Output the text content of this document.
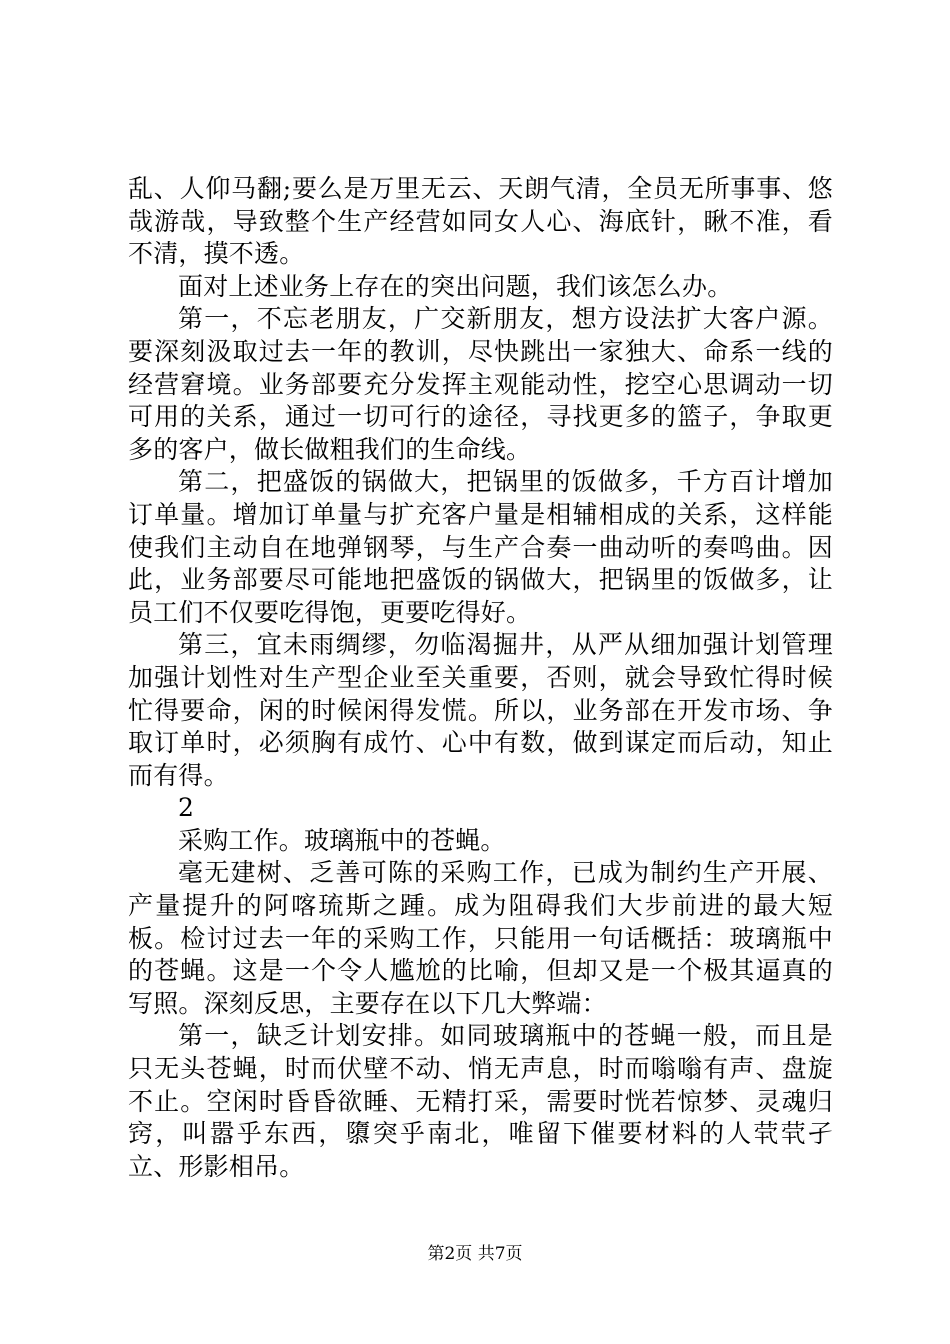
乱、人仰马翻;要么是万里无云、天朗气清，全员无所事事、悠哉游哉，导致整个生产经营如同女人心、海底针，瞅不准，看不清，摸不透。

面对上述业务上存在的突出问题，我们该怎么办。

第一，不忘老朋友，广交新朋友，想方设法扩大客户源。要深刻汲取过去一年的教训，尽快跳出一家独大、命系一线的经营窘境。业务部要充分发挥主观能动性，挖空心思调动一切可用的关系，通过一切可行的途径，寻找更多的篮子，争取更多的客户，做长做粗我们的生命线。

第二，把盛饭的锅做大，把锅里的饭做多，千方百计增加订单量。增加订单量与扩充客户量是相辅相成的关系，这样能使我们主动自在地弹钢琴，与生产合奏一曲动听的奏鸣曲。因此，业务部要尽可能地把盛饭的锅做大，把锅里的饭做多，让员工们不仅要吃得饱，更要吃得好。

第三，宜未雨绸缪，勿临渴掘井，从严从细加强计划管理加强计划性对生产型企业至关重要，否则，就会导致忙得时候忙得要命，闲的时候闲得发慌。所以，业务部在开发市场、争取订单时，必须胸有成竹、心中有数，做到谋定而后动，知止而有得。

2

采购工作。玻璃瓶中的苍蝇。

毫无建树、乏善可陈的采购工作，已成为制约生产开展、产量提升的阿喀琉斯之踵。成为阻碍我们大步前进的最大短板。检讨过去一年的采购工作，只能用一句话概括：玻璃瓶中的苍蝇。这是一个令人尴尬的比喻，但却又是一个极其逼真的写照。深刻反思，主要存在以下几大弊端：

第一，缺乏计划安排。如同玻璃瓶中的苍蝇一般，而且是只无头苍蝇，时而伏壁不动、悄无声息，时而嗡嗡有声、盘旋不止。空闲时昏昏欲睡、无精打采，需要时恍若惊梦、灵魂归窍，叫嚣乎东西，隳突乎南北，唯留下催要材料的人茕茕孑立、形影相吊。

第2页 共7页
